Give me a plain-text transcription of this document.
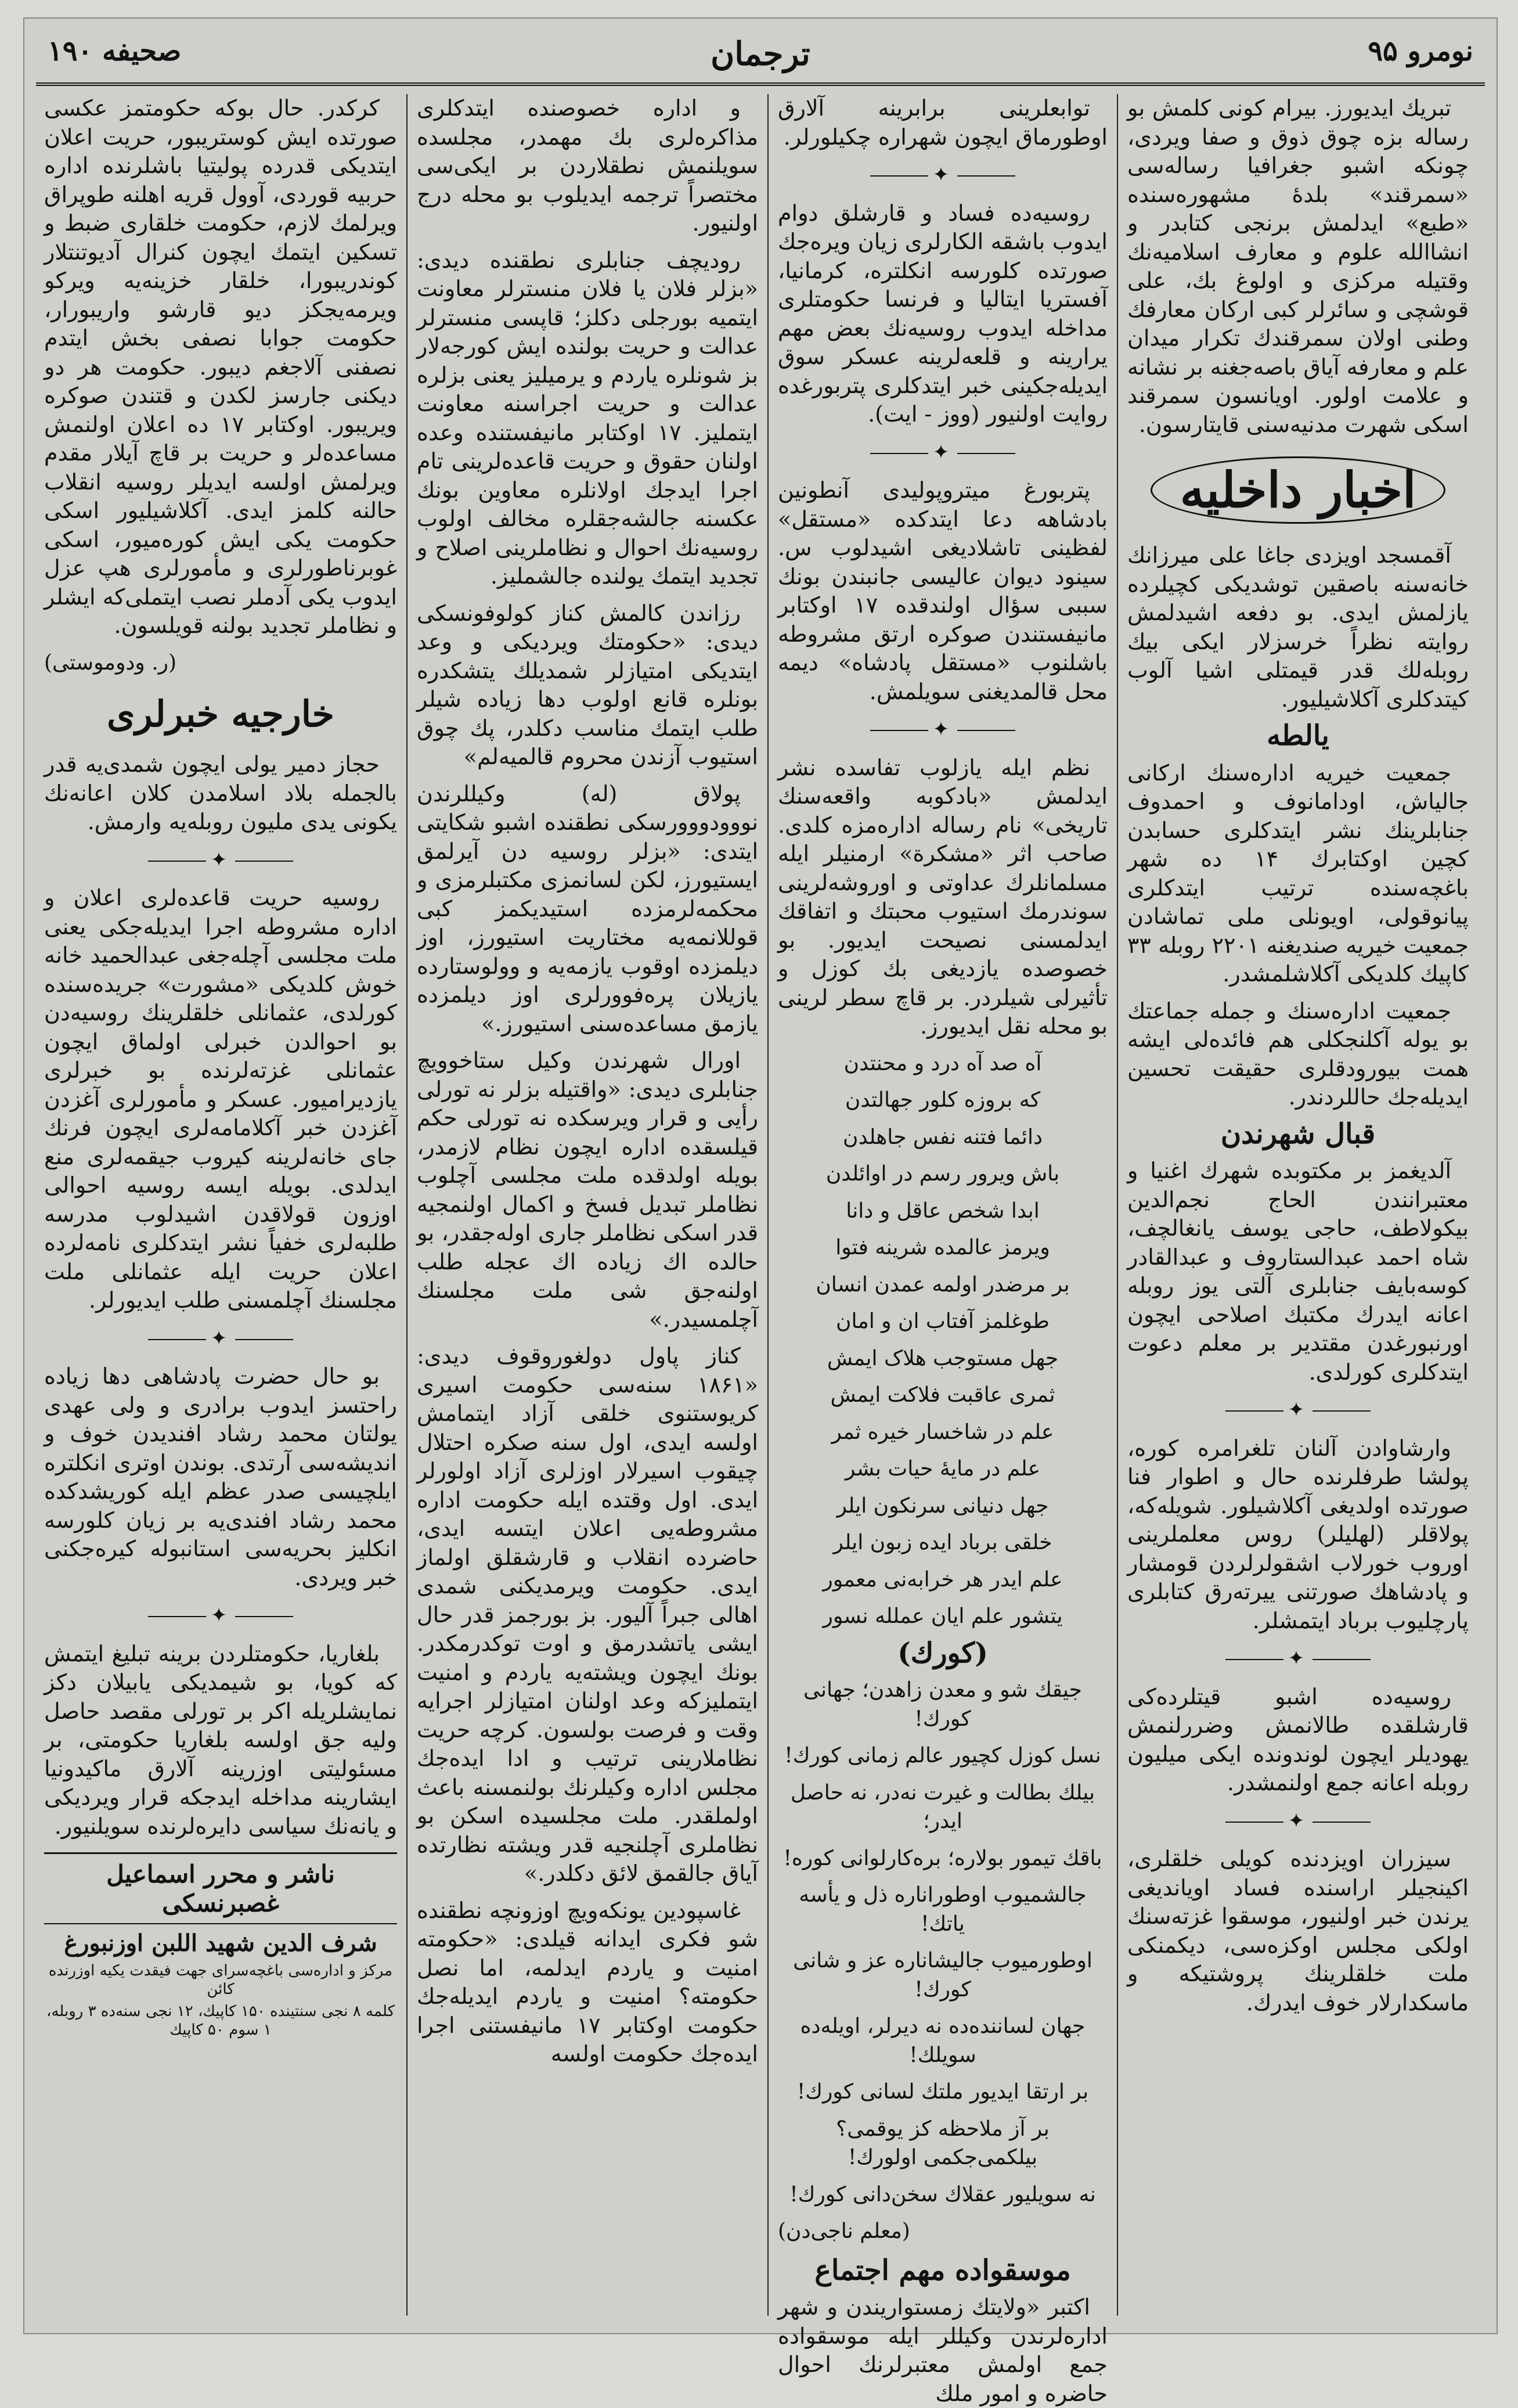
صحیفه ۱۹۰	ترجمان	نومرو ۹۵

تبریك ایدیورز. بیرام کونی کلمش بو رساله بزه چوق ذوق و صفا ویردی، چونکه اشبو جغرافیا رساله‌سی «سمرقند» بلدهٔ مشهوره‌سنده «طبع» ایدلمش برنجی کتابدر و انشاالله علوم و معارف اسلامیه‌نك وقتیله مرکزی و اولوغ بك، علی قوشچی و سائرلر کبی ارکان معارفك وطنی اولان سمرقندك تکرار میدان علم و معارفه آیاق باصه‌جغنه بر نشانه و علامت اولور. اویانسون سمرقند اسکی شهرت مدنیه‌سنی قایتارسون.

اخبار داخلیه

آقمسجد اویزدی جاغا علی میرزانك خانه‌سنه باصقین توشدیکی کچیلرده یازلمش ایدی. بو دفعه اشیدلمش روایته نظراً خرسزلار ایکی بیك روبله‌لك قدر قیمتلی اشیا آلوب کیتدکلری آکلاشیلیور.

یالطه

جمعیت خیریه اداره‌سنك ارکانی جالیاش، اودامانوف و احمدوف جنابلرینك نشر ایتدکلری حسابدن کچین اوکتابرك ۱۴ ده شهر باغچه‌سنده ترتیب ایتدکلری پیانوقولی، اویونلی ملی تماشادن جمعیت خیریه صندیغنه ۲۲۰۱ روبله ۳۳ کاپیك کلدیکی آکلاشلمشدر.

جمعیت اداره‌سنك و جمله جماعتك بو یوله آکلنجکلی هم فائده‌لی ایشه همت بیورودقلری حقیقت تحسین ایدیله‌جك حاللردندر.

قبال شهرندن

آلدیغمز بر مکتوبده شهرك اغنیا و معتبرانندن الحاج نجم‌الدین بیکولاطف، حاجی یوسف یانغالچف، شاه احمد عبدالستاروف و عبدالقادر کوسه‌بایف جنابلری آلتی یوز روبله اعانه ایدرك مکتبك اصلاحی ایچون اورنبورغدن مقتدیر بر معلم دعوت ایتدکلری کورلدی.

✦

وارشاوادن آلنان تلغرامره کوره، پولشا طرفلرنده حال و اطوار فنا صورتده اولدیغی آکلاشیلور. شویله‌که، پولاقلر (لهلیلر) روس معلملرینی اوروب خورلاب اشقولرلردن قومشار و پادشاهك صورتنی ییرته‌رق کتابلری پارچلیوب برباد ایتمشلر.

✦

روسیه‌ده اشبو قیتلرده‌کی قارشلقده طالانمش وضررلنمش یهودیلر ایچون لوندونده ایکی میلیون روبله اعانه جمع اولنمشدر.

✦

سیزران اویزدنده کویلی خلقلری، اکینجیلر اراسنده فساد اویاندیغی یرندن خبر اولنیور، موسقوا غزته‌سنك اولکی مجلس اوکزه‌سی، دیکمنکی ملت خلقلرینك پروشتیکه و ماسکدارلار خوف ایدرك.

توابعلرینی برابرینه آلارق اوطورماق ایچون شهراره چکیلورلر.

✦

روسیه‌ده فساد و قارشلق دوام ایدوب باشقه الکارلری زیان ویره‌جك صورتده کلورسه انکلتره، کرمانیا، آفستریا ایتالیا و فرنسا حکومتلری مداخله ایدوب روسیه‌نك بعض مهم یرارینه و قلعه‌لرینه عسکر سوق ایدیله‌جکینی خبر ایتدکلری پتربورغده روایت اولنیور (ووز - ایت).

✦

پتربورغ میتروپولیدی آنطونین بادشاهه دعا ایتدکده «مستقل» لفظینی تاشلادیغی اشیدلوب س. سینود دیوان عالیسی جانبندن بونك سببی سؤال اولندقده ۱۷ اوکتابر مانیفستندن صوکره ارتق مشروطه باشلنوب «مستقل پادشاه» دیمه محل قالمدیغنی سویلمش.

✦

نظم ایله یازلوب تفاسده نشر ایدلمش «بادکوبه واقعه‌سنك تاریخی» نام رساله اداره‌مزه کلدی. صاحب اثر «مشکرة» ارمنیلر ایله مسلمانلرك عداوتی و اوروشه‌لرینی سوندرمك استیوب محبتك و اتفاقك ایدلمسنی نصیحت ایدیور. بو خصوصده یازدیغی بك کوزل و تأثیرلی شیلردر. بر قاچ سطر لرینی بو محله نقل ایدیورز.

آه صد آه درد و محنتدن

که بروزه کلور جهالتدن

دائما فتنه نفس جاهلدن

باش ویرور رسم در اوائلدن

ابدا شخص عاقل و دانا

ویرمز عالمده شرینه فتوا

بر مرضدر اولمه عمدن انسان

طوغلمز آفتاب ان و امان

جهل مستوجب هلاک ایمش

ثمری عاقبت فلاکت ایمش

علم در شاخسار خیره ثمر

علم در مایهٔ حیات بشر

جهل دنیانی سرنکون ایلر

خلقی برباد ایده زبون ایلر

علم ایدر هر خرابه‌نی معمور

یتشور علم ایان عملله نسور

(کورك)

جیقك شو و معدن زاهدن؛ جهانی کورك!

نسل کوزل کچیور عالم زمانی کورك!

بیلك بطالت و غیرت نه‌در، نه حاصل ایدر؛

باقك تیمور بولاره؛ بره‌کارلوانی کوره!

جالشمیوب اوطوراناره ذل و یأسه یاتك!

اوطورمیوب جالیشاناره عز و شانی کورك!

جهان لساننده‌ده نه دیرلر، اویله‌ده سویلك!

بر ارتقا ایدیور ملتك لسانی کورك!

بر آز ملاحظه کز یوقمی؟ بیلکمی‌جکمی اولورك!

نه سویلیور عقلاك سخن‌دانی کورك!

(معلم ناجی‌دن)
موسقوا‌ده مهم اجتماع

اکتبر «ولایتك زمستواریندن و شهر اداره‌لرندن وکیللر ایله موسقوا‌ده جمع اولمش معتبرلرنك احوال حاضره و امور ملك

و اداره خصوصنده ایتدکلری مذاکره‌لری بك مهمدر، مجلسده سویلنمش نطقلاردن بر ایکی‌سی مختصراً ترجمه ایدیلوب بو محله درج اولنیور.

رودیچف جنابلری نطقنده دیدی: «بزلر فلان یا فلان منسترلر معاونت ایتمیه بورجلی دکلز؛ قاپسی منسترلر عدالت و حریت بولنده ایش کورجه‌لار بز شونلره یاردم و یرمیلیز یعنی بزلره عدالت و حریت اجراسنه معاونت ایتملیز. ۱۷ اوکتابر مانیفستنده وعده اولنان حقوق و حریت قاعده‌لرینی تام اجرا ایدجك اولانلره معاوین بونك عکسنه جالشه‌جقلره مخالف اولوب روسیه‌نك احوال و نظاملرینی اصلاح و تجدید ایتمك یولنده جالشملیز.

رزاندن کالمش کناز کولوفونسکی دیدی: «حکومتك ویردیکی و وعد ایتدیکی امتیازلر شمدیلك یتشکدره بونلره قانع اولوب دها زیاده شیلر طلب ایتمك مناسب دکلدر، پك چوق استیوب آزندن محروم قالمیه‌لم»

پولاق (له) وکیللرندن نووودووورسکی نطقنده اشبو شکایتی ایتدی: «بزلر روسیه دن آیرلمق ایستیورز، لکن لسانمزی مکتبلرمزی و محکمه‌لرمزده استیدیکمز کبی قوللانمه‌یه مختاریت استیورز، اوز دیلمزده اوقوب یازمه‌یه و وولوستارده یازیلان پره‌فوورلری اوز دیلمزده یازمق مساعده‌سنی استیورز.»

اورال شهرندن وکیل ستاخوویچ جنابلری دیدی: «واقتیله بزلر نه تورلی رأیی و قرار ویرسکده نه تورلی حکم قیلسقده اداره ایچون نظام لازمدر، بویله اولدقده ملت مجلسی آچلوب نظاملر تبدیل فسخ و اکمال اولنمجیه قدر اسکی نظاملر جاری اوله‌جقدر، بو حالده اك زیاده اك عجله طلب اولنه‌جق شی ملت مجلسنك آچلمسیدر.»

کناز پاول دولغوروقوف دیدی: «۱۸۶۱ سنه‌سی حکومت اسیری کریوستنوی خلقی آزاد ایتمامش اولسه ایدی، اول سنه صکره احتلال چیقوب اسیرلار اوزلری آزاد اولورلر ایدی. اول وقتده ایله حکومت اداره مشروطه‌یی اعلان ایتسه ایدی، حاضرده انقلاب و قارشقلق اولماز ایدی. حکومت ویرمدیکنی شمدی اهالی جبراً آلیور. بز بورجمز قدر حال ایشی یاتشدرمق و اوت توکدرمکدر. بونك ایچون ویشته‌یه یاردم و امنیت ایتملیزکه وعد اولنان امتیازلر اجرایه وقت و فرصت بولسون. کرچه حریت نظاملارینی ترتیب و ادا ایده‌جك مجلس اداره وکیلرنك بولنمسنه باعث اولملقدر. ملت مجلسیده اسکن بو نظاملری آچلنجیه قدر ویشته نظارتده آیاق جالقمق لائق دکلدر.»

غاسپودین یونکه‌ویچ اوزونچه نطقنده شو فکری ایدانه قیلدی: «حکومته امنیت و یاردم ایدلمه، اما نصل حکومته؟ امنیت و یاردم ایدیله‌جك حکومت اوکتابر ۱۷ مانیفستنی اجرا ایده‌جك حکومت اولسه

کرکدر. حال بوکه حکومتمز عکسی صورتده ایش کوستریبور، حریت اعلان ایتدیکی قدرده پولیتیا باشلرنده اداره حربیه قوردی، آوول قریه اهلنه طوپراق ویرلمك لازم، حکومت خلقاری ضبط و تسکین ایتمك ایچون کنرال آدیوتنتلار کوندریبورا، خلقار خزینه‌یه ویرکو ویرمه‌یجکز دیو قارشو واریبورار، حکومت جوابا نصفی بخش ایتدم نصفنی آلاجغم دیبور. حکومت هر دو دیکنی جارسز لکدن و قتندن صوکره ویریبور. اوکتابر ۱۷ ده اعلان اولنمش مساعده‌لر و حریت بر قاچ آیلار مقدم ویرلمش اولسه ایدیلر روسیه انقلاب حالنه کلمز ایدی. آکلاشیلیور اسکی حکومت یکی ایش کوره‌میور، اسکی غوبرناطورلری و مأمورلری هپ عزل ایدوب یکی آدملر نصب ایتملی‌که ایشلر و نظاملر تجدید بولنه قویلسون.

(ر. ودوموستی)
خارجیه خبرلری

حجاز دمیر یولی ایچون شمدی‌یه قدر بالجمله بلاد اسلامدن کلان اعانه‌نك یکونی یدی ملیون روبله‌یه وارمش.

✦

روسیه حریت قاعده‌لری اعلان و اداره مشروطه اجرا ایدیله‌جکی یعنی ملت مجلسی آچله‌جغی عبدالحمید خانه خوش کلدیکی «مشورت» جریده‌سنده کورلدی، عثمانلی خلقلرینك روسیه‌دن بو احوالدن خبرلی اولماق ایچون عثمانلی غزته‌لرنده بو خبرلری یازدیرامیور. عسکر و مأمورلری آغزدن آغزدن خبر آکلامامه‌لری ایچون فرنك جای خانه‌لرینه کیروب جیقمه‌لری منع ایدلدی. بویله ایسه روسیه احوالی اوزون قولاقدن اشیدلوب مدرسه طلبه‌لری خفیاً نشر ایتدکلری نامه‌لرده اعلان حریت ایله عثمانلی ملت مجلسنك آچلمسنی طلب ایدیورلر.

✦

بو حال حضرت پادشاهی دها زیاده راحتسز ایدوب برادری و ولی عهدی یولتان محمد رشاد افندیدن خوف و اندیشه‌سی آرتدی. بوندن اوتری انکلتره ایلچیسی صدر عظم ایله کوریشدکده محمد رشاد افندی‌یه بر زیان کلورسه انکلیز بحریه‌سی استانبوله کیره‌جکنی خبر ویردی.

✦

بلغاریا، حکومتلردن برینه تبلیغ ایتمش که کویا، بو شیمدیکی یابیلان دکز نمایشلریله اکر بر تورلی مقصد حاصل ولیه جق اولسه بلغاریا حکومتی، بر مسئولیتی اوزرینه آلارق ماکیدونیا ایشارینه مداخله ایدجکه قرار ویردیکی و یانه‌نك سیاسی دایره‌لرنده سویلنیور.

ناشر و محرر اسماعیل غصبرنسکی
شرف الدین شهید اللبن اوزنبورغ
مرکز و اداره‌سی باغچه‌سرای جهت فیقدت یکیه اوزرنده کائن
کلمه ۸ نجی سنتینده ۱۵۰ کاپیك، ۱۲ نجی سنه‌ده ۳ روبله، ۱ سوم ۵۰ کاپیك
